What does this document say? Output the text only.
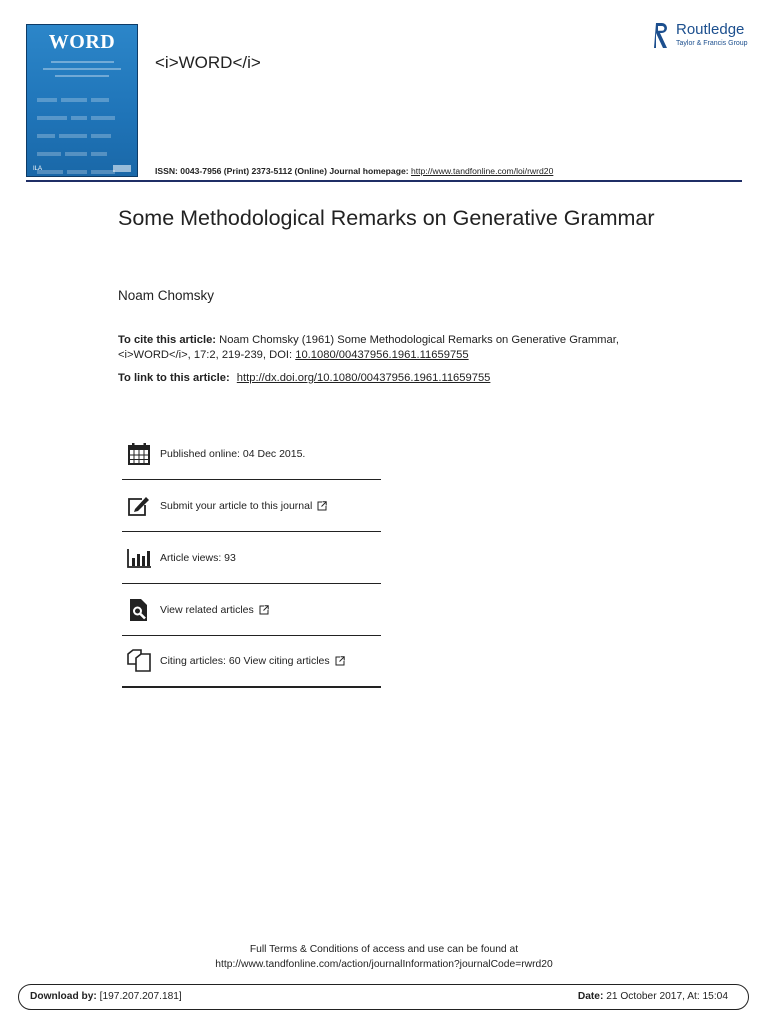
WORD

ILA
<i>WORD</i>
Routledge
Taylor & Francis Group
ISSN: 0043-7956 (Print) 2373-5112 (Online) Journal homepage: http://www.tandfonline.com/loi/rwrd20
Some Methodological Remarks on Generative Grammar
Noam Chomsky
To cite this article: Noam Chomsky (1961) Some Methodological Remarks on Generative Grammar, <i>WORD</i>, 17:2, 219-239, DOI: 10.1080/00437956.1961.11659755
To link to this article: http://dx.doi.org/10.1080/00437956.1961.11659755
Published online: 04 Dec 2015.
Submit your article to this journal
Article views: 93
View related articles
Citing articles: 60 View citing articles
Full Terms & Conditions of access and use can be found at
http://www.tandfonline.com/action/journalInformation?journalCode=rwrd20
Download by: [197.207.207.181]	Date: 21 October 2017, At: 15:04
